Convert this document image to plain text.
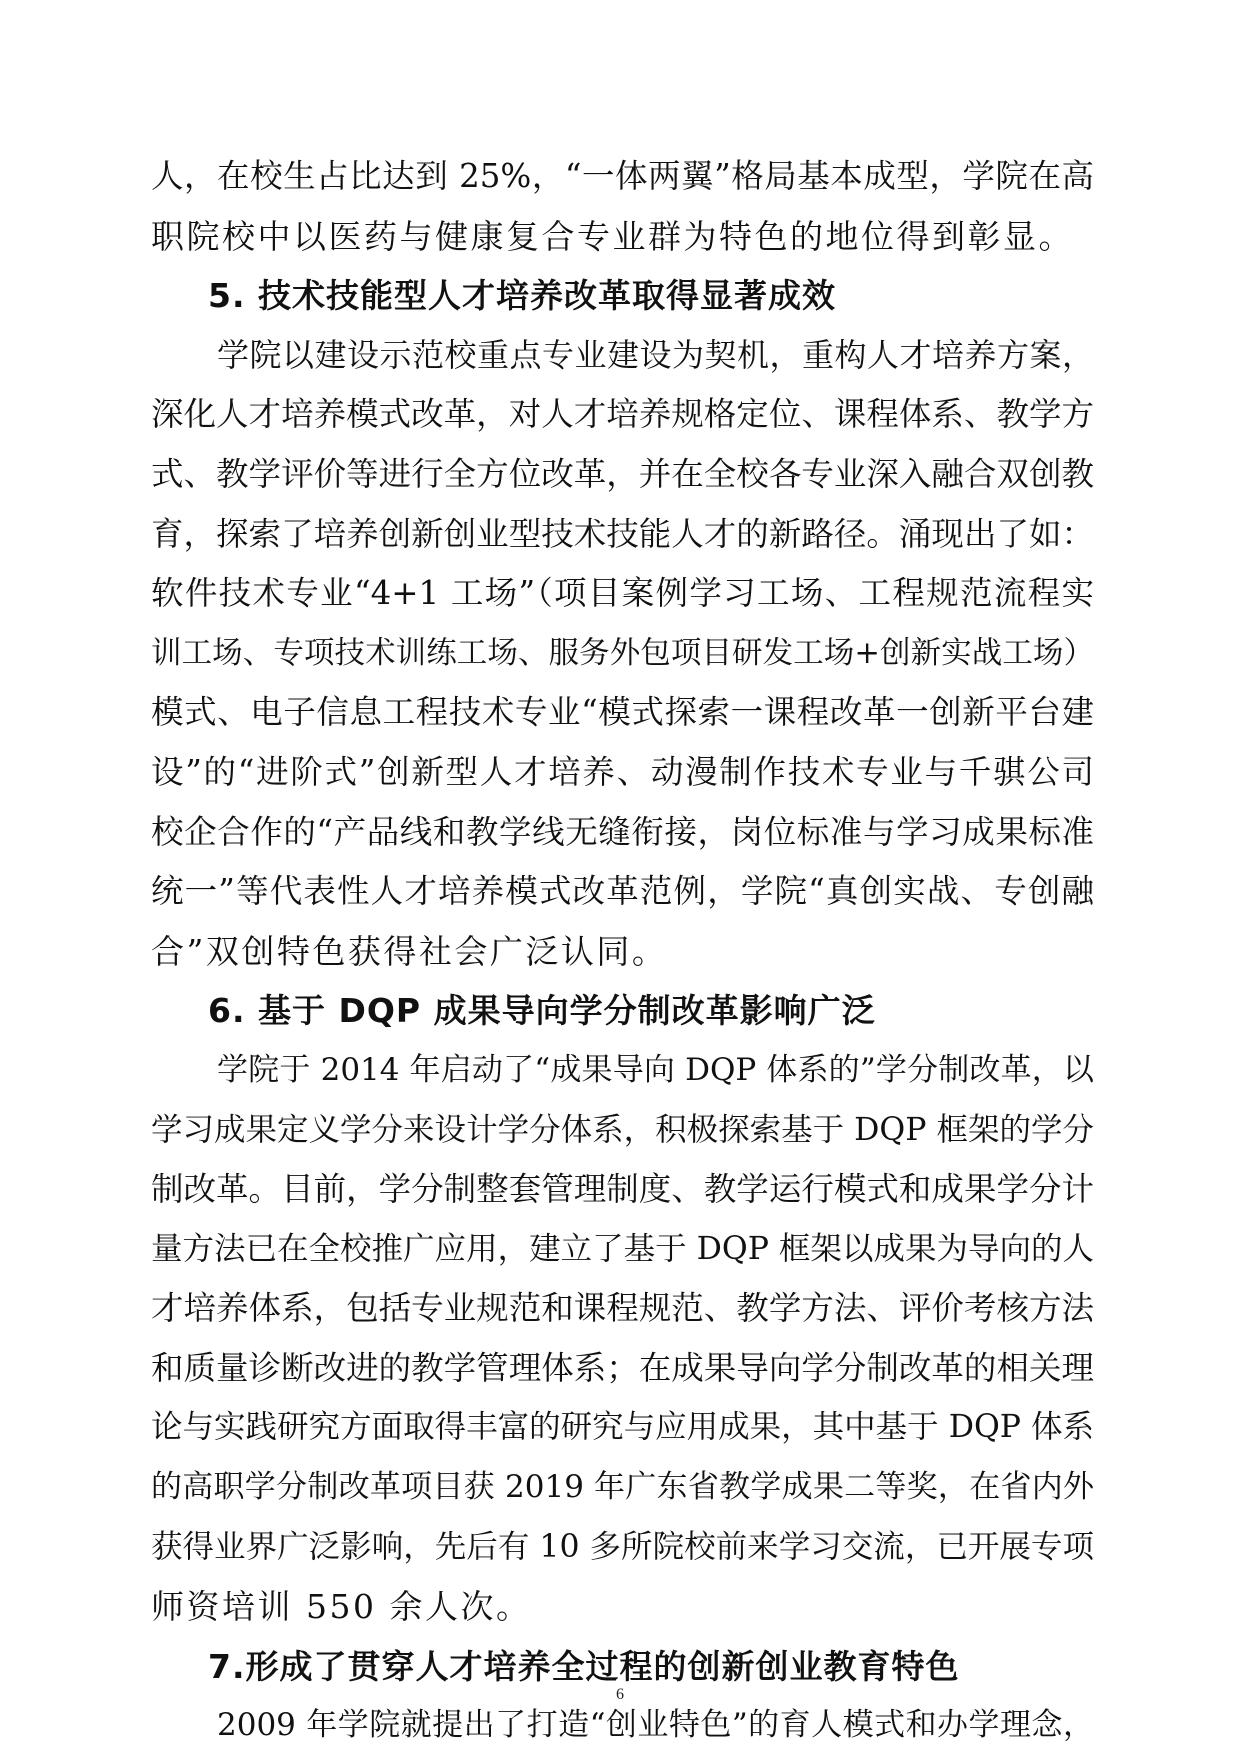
人，在校生占比达到 25%，“一体两翼”格局基本成型，学院在高
职院校中以医药与健康复合专业群为特色的地位得到彰显。
5. 技术技能型人才培养改革取得显著成效
学院以建设示范校重点专业建设为契机，重构人才培养方案，
深化人才培养模式改革，对人才培养规格定位、课程体系、教学方
式、教学评价等进行全方位改革，并在全校各专业深入融合双创教
育，探索了培养创新创业型技术技能人才的新路径。涌现出了如：
软件技术专业“4+1 工场”（项目案例学习工场、工程规范流程实
训工场、专项技术训练工场、服务外包项目研发工场+创新实战工场）
模式、电子信息工程技术专业“模式探索一课程改革一创新平台建
设”的“进阶式”创新型人才培养、动漫制作技术专业与千骐公司
校企合作的“产品线和教学线无缝衔接，岗位标准与学习成果标准
统一”等代表性人才培养模式改革范例，学院“真创实战、专创融
合”双创特色获得社会广泛认同。
6. 基于 DQP 成果导向学分制改革影响广泛
学院于 2014 年启动了“成果导向 DQP 体系的”学分制改革，以
学习成果定义学分来设计学分体系，积极探索基于 DQP 框架的学分
制改革。目前，学分制整套管理制度、教学运行模式和成果学分计
量方法已在全校推广应用，建立了基于 DQP 框架以成果为导向的人
才培养体系，包括专业规范和课程规范、教学方法、评价考核方法
和质量诊断改进的教学管理体系；在成果导向学分制改革的相关理
论与实践研究方面取得丰富的研究与应用成果，其中基于 DQP 体系
的高职学分制改革项目获 2019 年广东省教学成果二等奖，在省内外
获得业界广泛影响，先后有 10 多所院校前来学习交流，已开展专项
师资培训 550 余人次。
7.形成了贯穿人才培养全过程的创新创业教育特色
2009 年学院就提出了打造“创业特色”的育人模式和办学理念，
6
